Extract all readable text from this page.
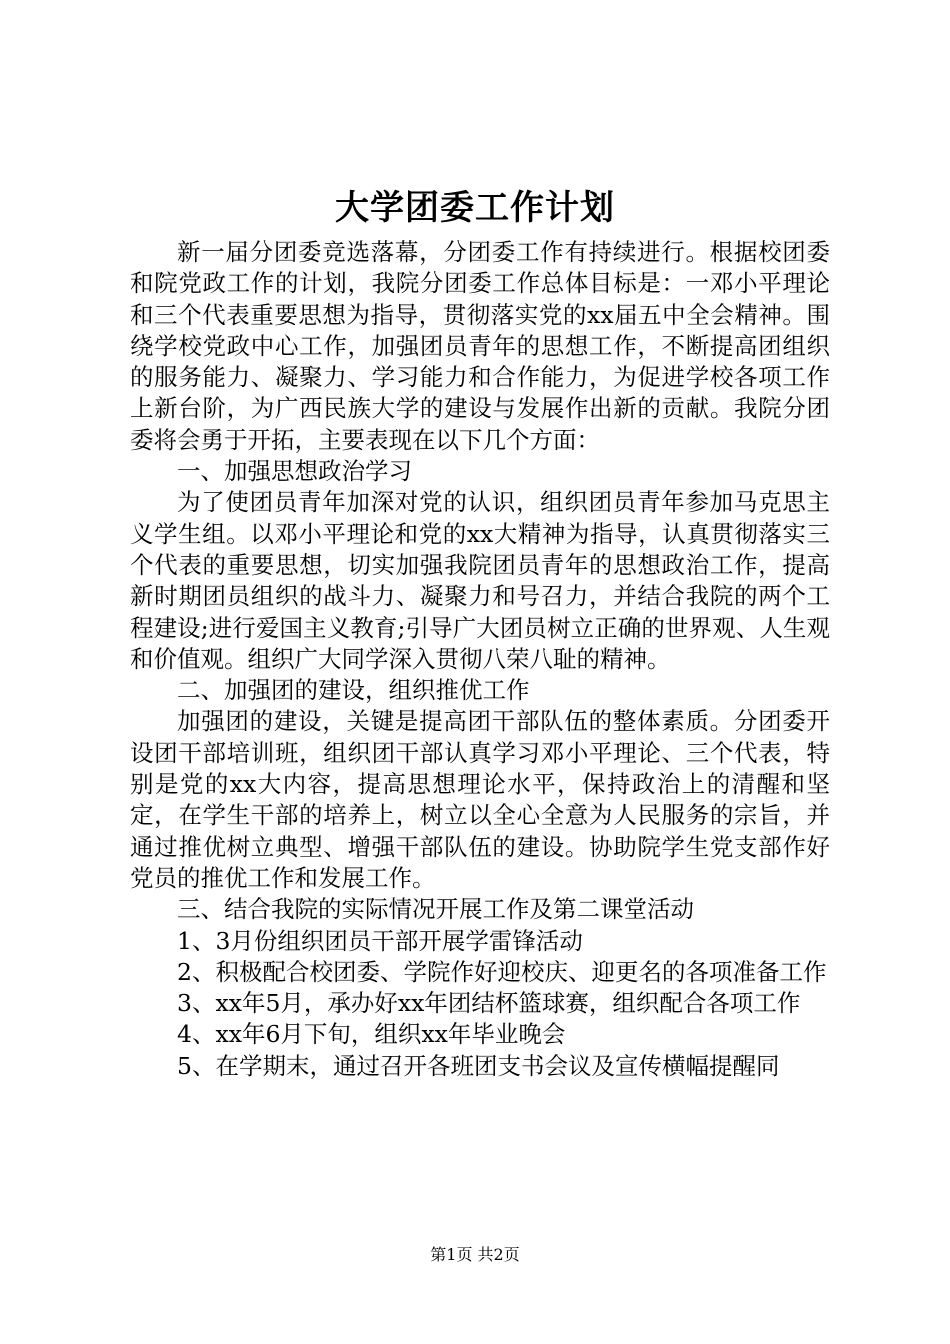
大学团委工作计划

新一届分团委竞选落幕，分团委工作有持续进行。根据校团委和院党政工作的计划，我院分团委工作总体目标是：一邓小平理论和三个代表重要思想为指导，贯彻落实党的xx届五中全会精神。围绕学校党政中心工作，加强团员青年的思想工作，不断提高团组织的服务能力、凝聚力、学习能力和合作能力，为促进学校各项工作上新台阶，为广西民族大学的建设与发展作出新的贡献。我院分团委将会勇于开拓，主要表现在以下几个方面：

一、加强思想政治学习

为了使团员青年加深对党的认识，组织团员青年参加马克思主义学生组。以邓小平理论和党的xx大精神为指导，认真贯彻落实三个代表的重要思想，切实加强我院团员青年的思想政治工作，提高新时期团员组织的战斗力、凝聚力和号召力，并结合我院的两个工程建设;进行爱国主义教育;引导广大团员树立正确的世界观、人生观和价值观。组织广大同学深入贯彻八荣八耻的精神。

二、加强团的建设，组织推优工作

加强团的建设，关键是提高团干部队伍的整体素质。分团委开设团干部培训班，组织团干部认真学习邓小平理论、三个代表，特别是党的xx大内容，提高思想理论水平，保持政治上的清醒和坚定，在学生干部的培养上，树立以全心全意为人民服务的宗旨，并通过推优树立典型、增强干部队伍的建设。协助院学生党支部作好党员的推优工作和发展工作。

三、结合我院的实际情况开展工作及第二课堂活动

1、3月份组织团员干部开展学雷锋活动

2、积极配合校团委、学院作好迎校庆、迎更名的各项准备工作

3、xx年5月，承办好xx年团结杯篮球赛，组织配合各项工作

4、xx年6月下旬，组织xx年毕业晚会

5、在学期末，通过召开各班团支书会议及宣传横幅提醒同

第1页 共2页
